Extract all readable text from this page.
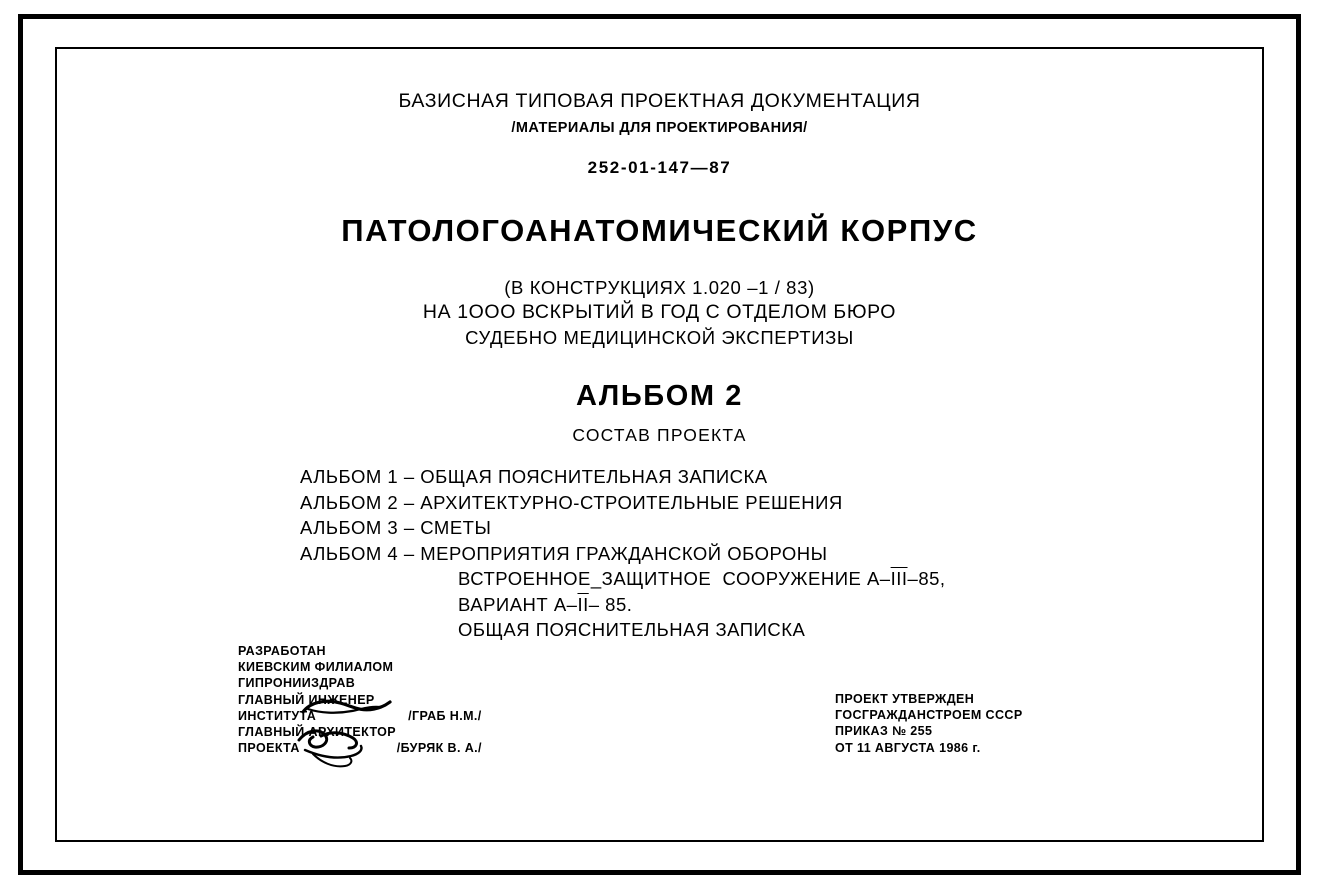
БАЗИСНАЯ ТИПОВАЯ ПРОЕКТНАЯ ДОКУМЕНТАЦИЯ
/МАТЕРИАЛЫ ДЛЯ ПРОЕКТИРОВАНИЯ/
252-01-147—87
ПАТОЛОГОАНАТОМИЧЕСКИЙ КОРПУС
(В КОНСТРУКЦИЯХ 1.020 –1 / 83)
НА 1ООО ВСКРЫТИЙ В ГОД С ОТДЕЛОМ БЮРО
СУДЕБНО МЕДИЦИНСКОЙ ЭКСПЕРТИЗЫ
АЛЬБОМ 2
СОСТАВ ПРОЕКТА
АЛЬБОМ 1 – ОБЩАЯ ПОЯСНИТЕЛЬНАЯ ЗАПИСКА
АЛЬБОМ 2 – АРХИТЕКТУРНО-СТРОИТЕЛЬНЫЕ РЕШЕНИЯ
АЛЬБОМ 3 – СМЕТЫ
АЛЬБОМ 4 – МЕРОПРИЯТИЯ ГРАЖДАНСКОЙ ОБОРОНЫ
ВСТРОЕННОЕ_ЗАЩИТНОЕ  СООРУЖЕНИЕ $А-\overline{III}-85$,
ВАРИАНТ $А-\overline{II}-$ 85.
ОБЩАЯ ПОЯСНИТЕЛЬНАЯ ЗАПИСКА
РАЗРАБОТАН
КИЕВСКИМ ФИЛИАЛОМ
ГИПРОНИИЗДРАВ
ГЛАВНЫЙ ИНЖЕНЕР
ИНСТИТУТА	/ГРАБ Н.М./
ГЛАВНЫЙ АРХИТЕКТОР
ПРОЕКТА	/БУРЯК В. А./
ПРОЕКТ УТВЕРЖДЕН
ГОСГРАЖДАНСТРОЕМ СССР
ПРИКАЗ № 255
ОТ 11 АВГУСТА 1986 г.
